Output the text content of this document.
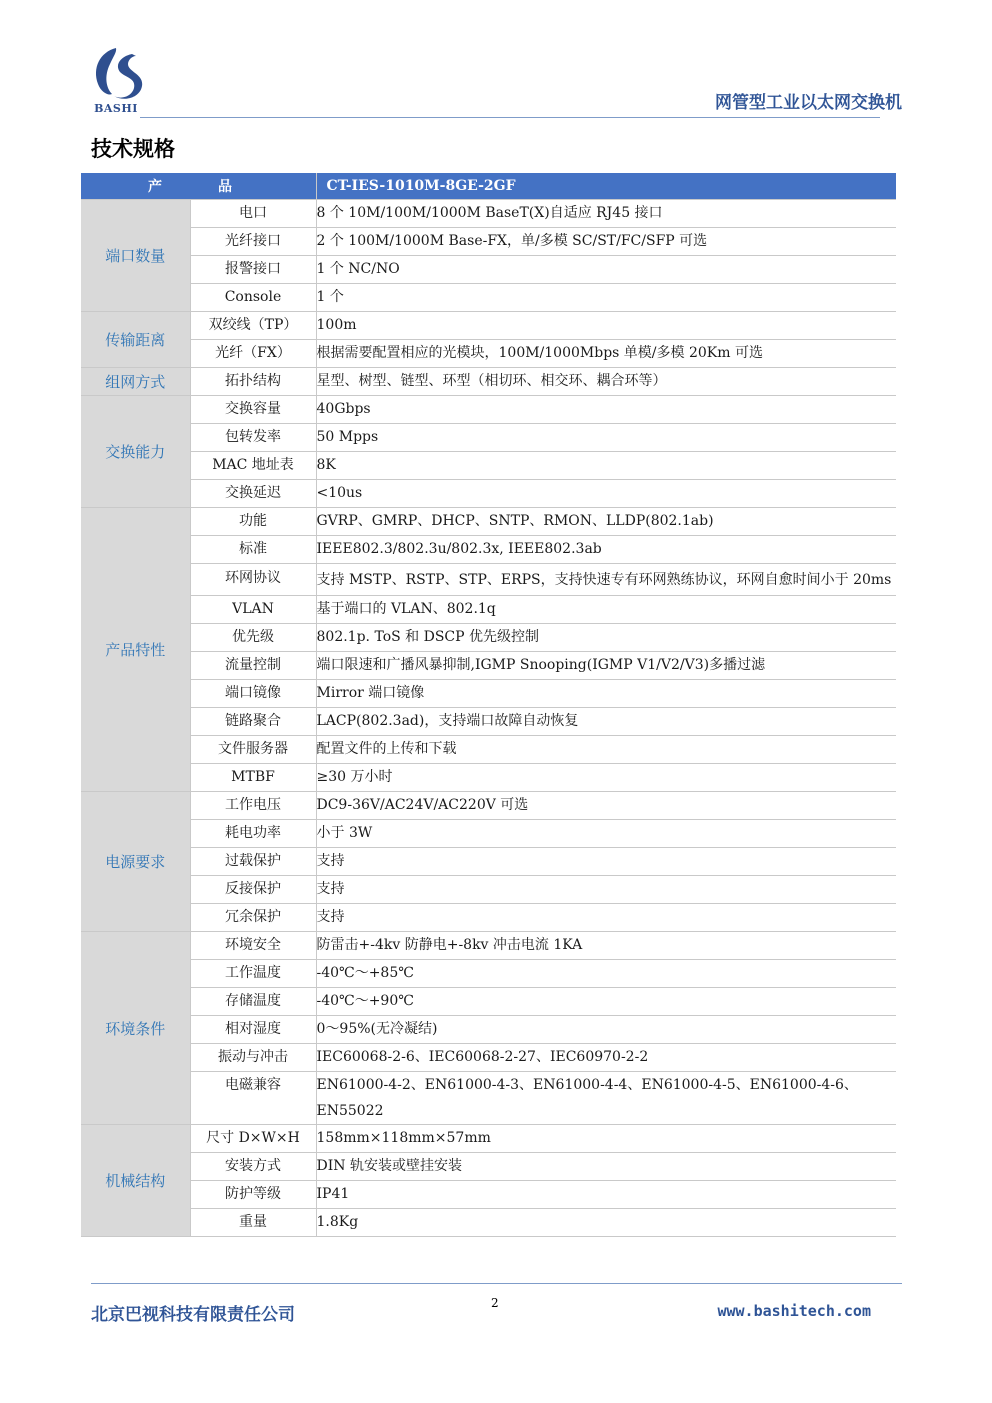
BASHI	网管型工业以太网交换机
技术规格
产品		CT-IES-1010M-8GE-2GF
端口数量	电口	8 个 10M/100M/1000M BaseT(X)自适应 RJ45 接口
	光纤接口	2 个 100M/1000M Base-FX，单/多模 SC/ST/FC/SFP 可选
	报警接口	1 个 NC/NO
	Console	1 个
传输距离	双绞线（TP）	100m
	光纤（FX）	根据需要配置相应的光模块，100M/1000Mbps 单模/多模 20Km 可选
组网方式	拓扑结构	星型、树型、链型、环型（相切环、相交环、耦合环等）
交换能力	交换容量	40Gbps
	包转发率	50 Mpps
	MAC 地址表	8K
	交换延迟	<10us
产品特性	功能	GVRP、GMRP、DHCP、SNTP、RMON、LLDP(802.1ab)
	标准	IEEE802.3/802.3u/802.3x, IEEE802.3ab
	环网协议	支持 MSTP、RSTP、STP、ERPS，支持快速专有环网熟练协议，环网自愈时间小于 20ms
	VLAN	基于端口的 VLAN、802.1q
	优先级	802.1p. ToS 和 DSCP 优先级控制
	流量控制	端口限速和广播风暴抑制,IGMP Snooping(IGMP V1/V2/V3)多播过滤
	端口镜像	Mirror 端口镜像
	链路聚合	LACP(802.3ad)，支持端口故障自动恢复
	文件服务器	配置文件的上传和下载
	MTBF	≥30 万小时
电源要求	工作电压	DC9-36V/AC24V/AC220V 可选
	耗电功率	小于 3W
	过载保护	支持
	反接保护	支持
	冗余保护	支持
环境条件	环境安全	防雷击+-4kv 防静电+-8kv 冲击电流 1KA
	工作温度	-40℃～+85℃
	存储温度	-40℃～+90℃
	相对湿度	0～95%(无冷凝结)
	振动与冲击	IEC60068-2-6、IEC60068-2-27、IEC60970-2-2
	电磁兼容	EN61000-4-2、EN61000-4-3、EN61000-4-4、EN61000-4-5、EN61000-4-6、EN55022
机械结构	尺寸 D×W×H	158mm×118mm×57mm
	安装方式	DIN 轨安装或壁挂安装
	防护等级	IP41
	重量	1.8Kg
北京巴视科技有限责任公司
2	www.bashitech.com
